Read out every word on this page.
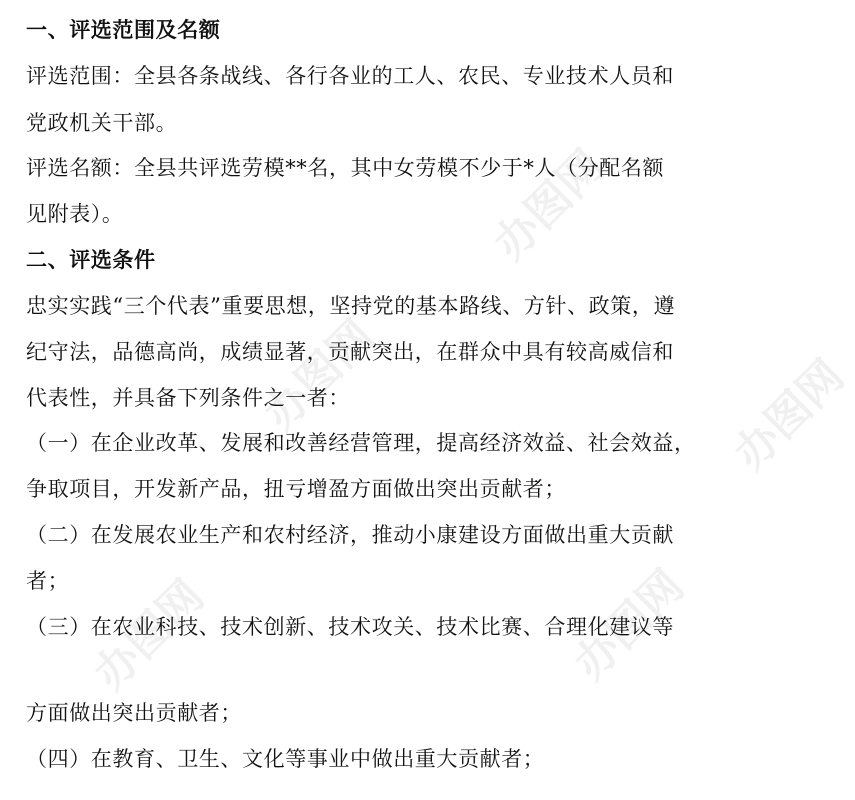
办图网
办图网	办图网
办图网	办图网
一、评选范围及名额
评选范围：全县各条战线、各行各业的工人、农民、专业技术人员和
党政机关干部。
评选名额：全县共评选劳模**名，其中女劳模不少于*人（分配名额
见附表）。
二、评选条件
忠实实践“三个代表”重要思想，坚持党的基本路线、方针、政策，遵
纪守法，品德高尚，成绩显著，贡献突出，在群众中具有较高威信和
代表性，并具备下列条件之一者：
（一）在企业改革、发展和改善经营管理，提高经济效益、社会效益，
争取项目，开发新产品，扭亏增盈方面做出突出贡献者；
（二）在发展农业生产和农村经济，推动小康建设方面做出重大贡献
者；
（三）在农业科技、技术创新、技术攻关、技术比赛、合理化建议等
方面做出突出贡献者；
（四）在教育、卫生、文化等事业中做出重大贡献者；
